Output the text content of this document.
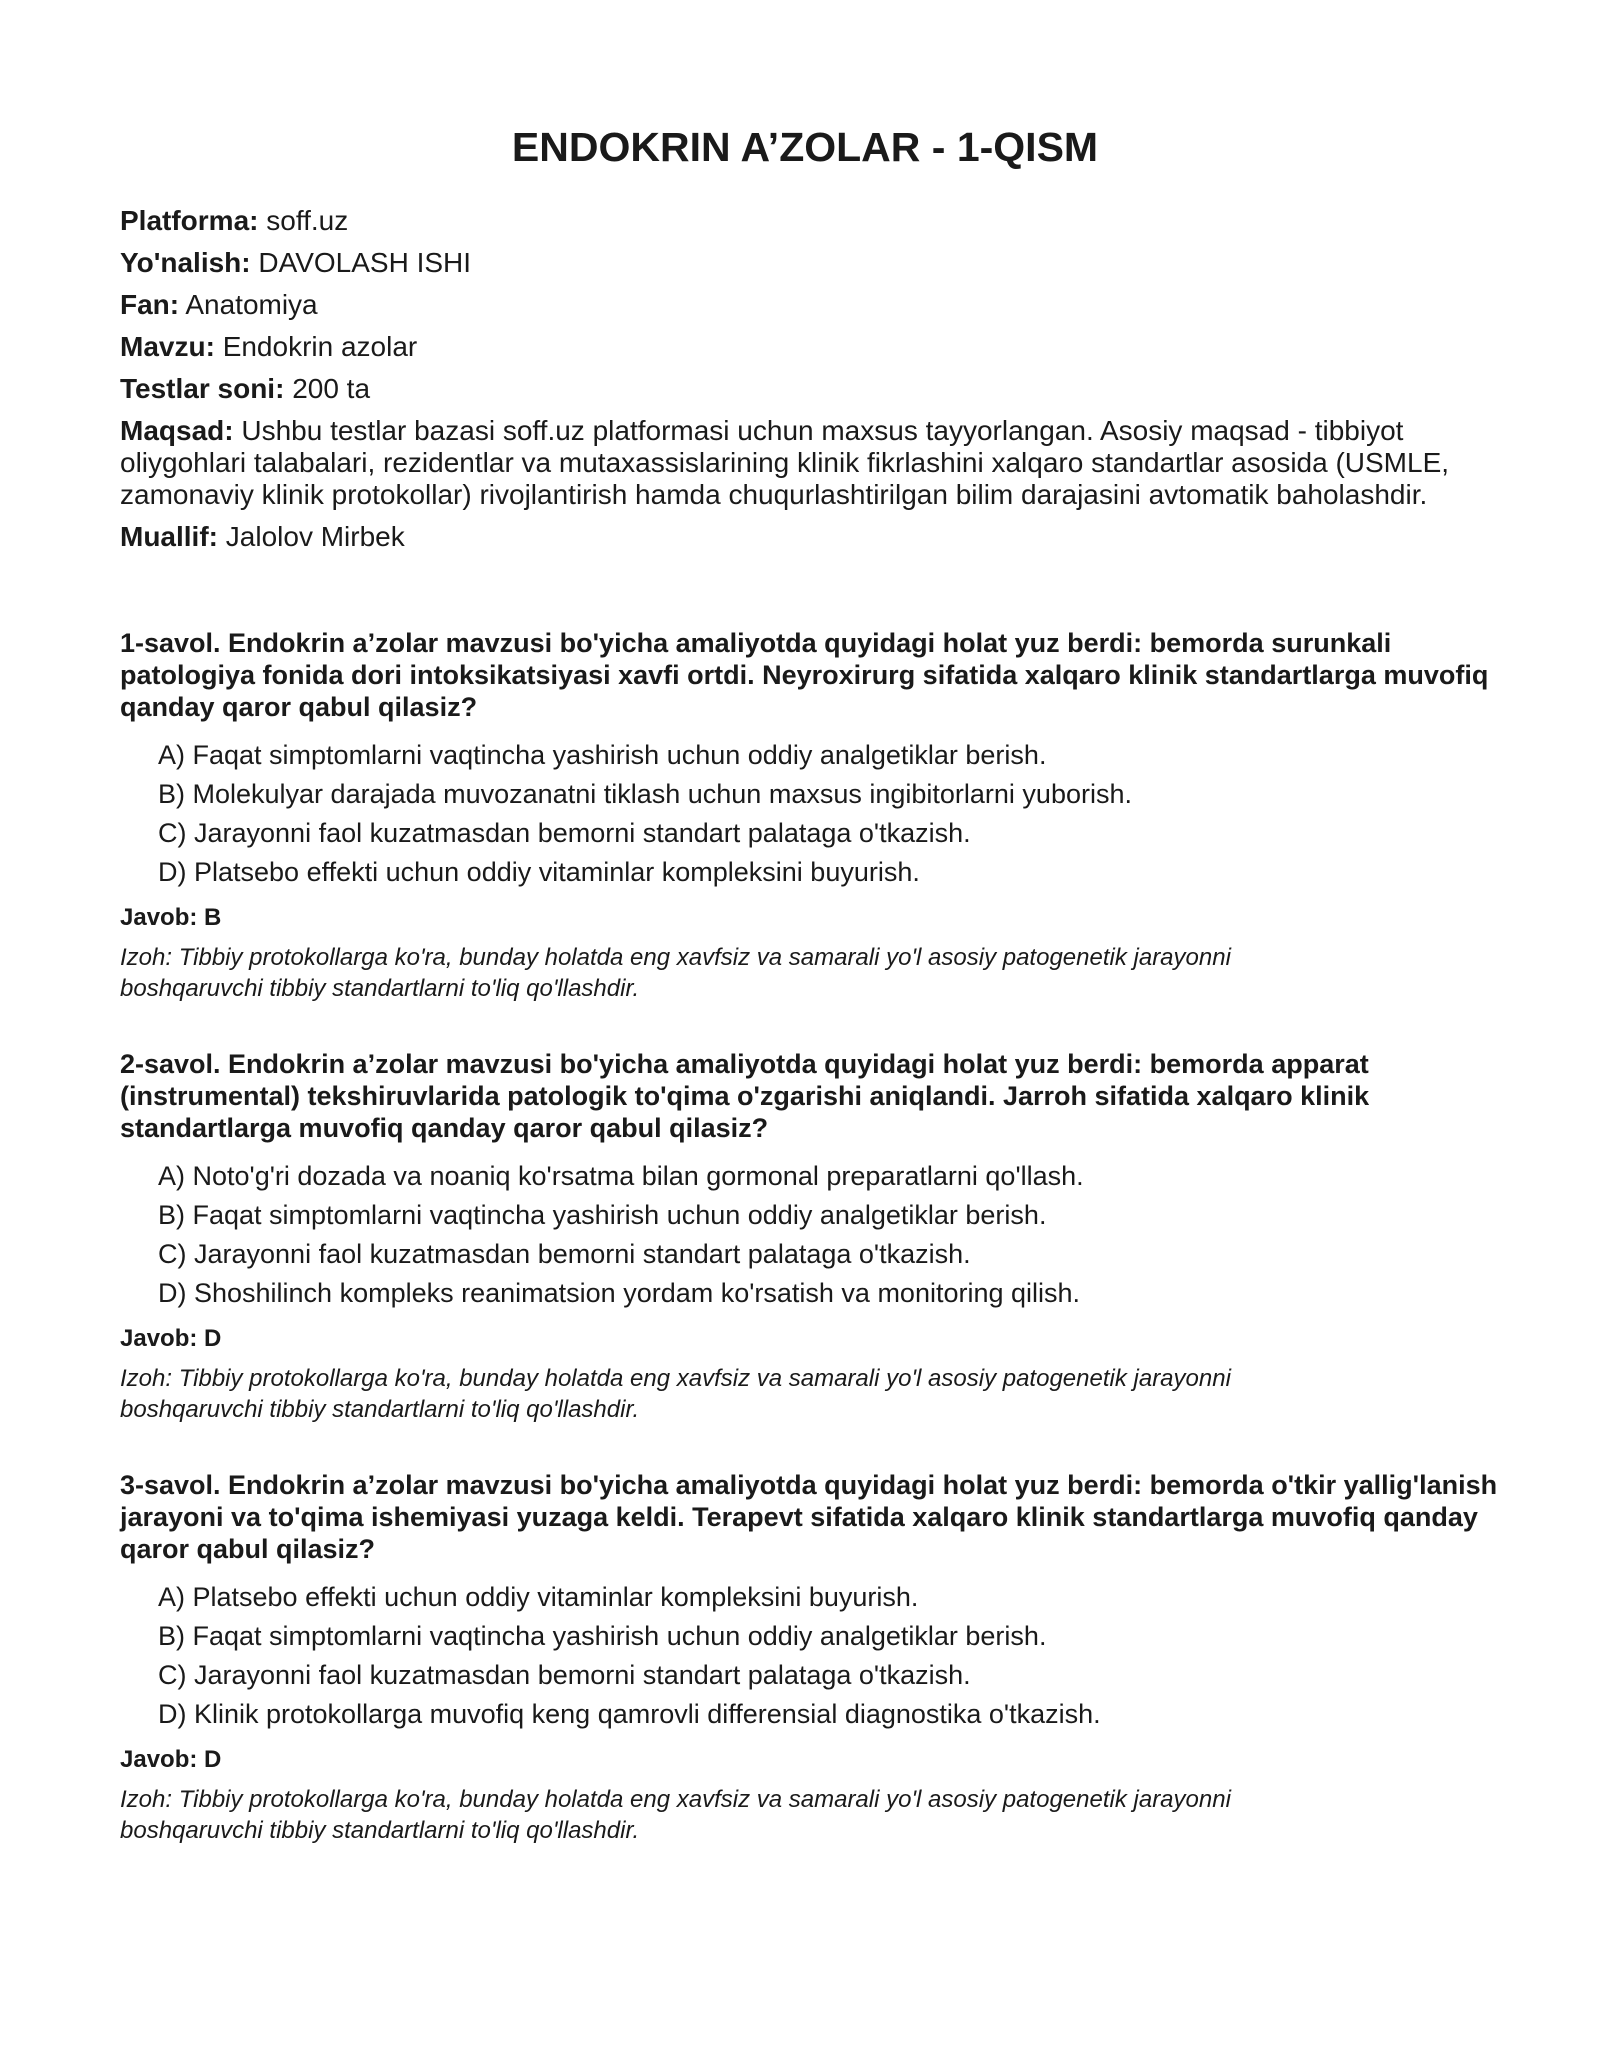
ENDOKRIN A’ZOLAR - 1-QISM
Platforma: soff.uz
Yo'nalish: DAVOLASH ISHI
Fan: Anatomiya
Mavzu: Endokrin azolar
Testlar soni: 200 ta
Maqsad: Ushbu testlar bazasi soff.uz platformasi uchun maxsus tayyorlangan. Asosiy maqsad - tibbiyot oliygohlari talabalari, rezidentlar va mutaxassislarining klinik fikrlashini xalqaro standartlar asosida (USMLE, zamonaviy klinik protokollar) rivojlantirish hamda chuqurlashtirilgan bilim darajasini avtomatik baholashdir.
Muallif: Jalolov Mirbek

1-savol. Endokrin a’zolar mavzusi bo'yicha amaliyotda quyidagi holat yuz berdi: bemorda surunkali patologiya fonida dori intoksikatsiyasi xavfi ortdi. Neyroxirurg sifatida xalqaro klinik standartlarga muvofiq qanday qaror qabul qilasiz?

A) Faqat simptomlarni vaqtincha yashirish uchun oddiy analgetiklar berish.
B) Molekulyar darajada muvozanatni tiklash uchun maxsus ingibitorlarni yuborish.
C) Jarayonni faol kuzatmasdan bemorni standart palataga o'tkazish.
D) Platsebo effekti uchun oddiy vitaminlar kompleksini buyurish.
Javob: B
Izoh: Tibbiy protokollarga ko'ra, bunday holatda eng xavfsiz va samarali yo'l asosiy patogenetik jarayonni boshqaruvchi tibbiy standartlarni to'liq qo'llashdir.

2-savol. Endokrin a’zolar mavzusi bo'yicha amaliyotda quyidagi holat yuz berdi: bemorda apparat (instrumental) tekshiruvlarida patologik to'qima o'zgarishi aniqlandi. Jarroh sifatida xalqaro klinik standartlarga muvofiq qanday qaror qabul qilasiz?

A) Noto'g'ri dozada va noaniq ko'rsatma bilan gormonal preparatlarni qo'llash.
B) Faqat simptomlarni vaqtincha yashirish uchun oddiy analgetiklar berish.
C) Jarayonni faol kuzatmasdan bemorni standart palataga o'tkazish.
D) Shoshilinch kompleks reanimatsion yordam ko'rsatish va monitoring qilish.
Javob: D
Izoh: Tibbiy protokollarga ko'ra, bunday holatda eng xavfsiz va samarali yo'l asosiy patogenetik jarayonni boshqaruvchi tibbiy standartlarni to'liq qo'llashdir.

3-savol. Endokrin a’zolar mavzusi bo'yicha amaliyotda quyidagi holat yuz berdi: bemorda o'tkir yallig'lanish jarayoni va to'qima ishemiyasi yuzaga keldi. Terapevt sifatida xalqaro klinik standartlarga muvofiq qanday qaror qabul qilasiz?

A) Platsebo effekti uchun oddiy vitaminlar kompleksini buyurish.
B) Faqat simptomlarni vaqtincha yashirish uchun oddiy analgetiklar berish.
C) Jarayonni faol kuzatmasdan bemorni standart palataga o'tkazish.
D) Klinik protokollarga muvofiq keng qamrovli differensial diagnostika o'tkazish.
Javob: D
Izoh: Tibbiy protokollarga ko'ra, bunday holatda eng xavfsiz va samarali yo'l asosiy patogenetik jarayonni boshqaruvchi tibbiy standartlarni to'liq qo'llashdir.
